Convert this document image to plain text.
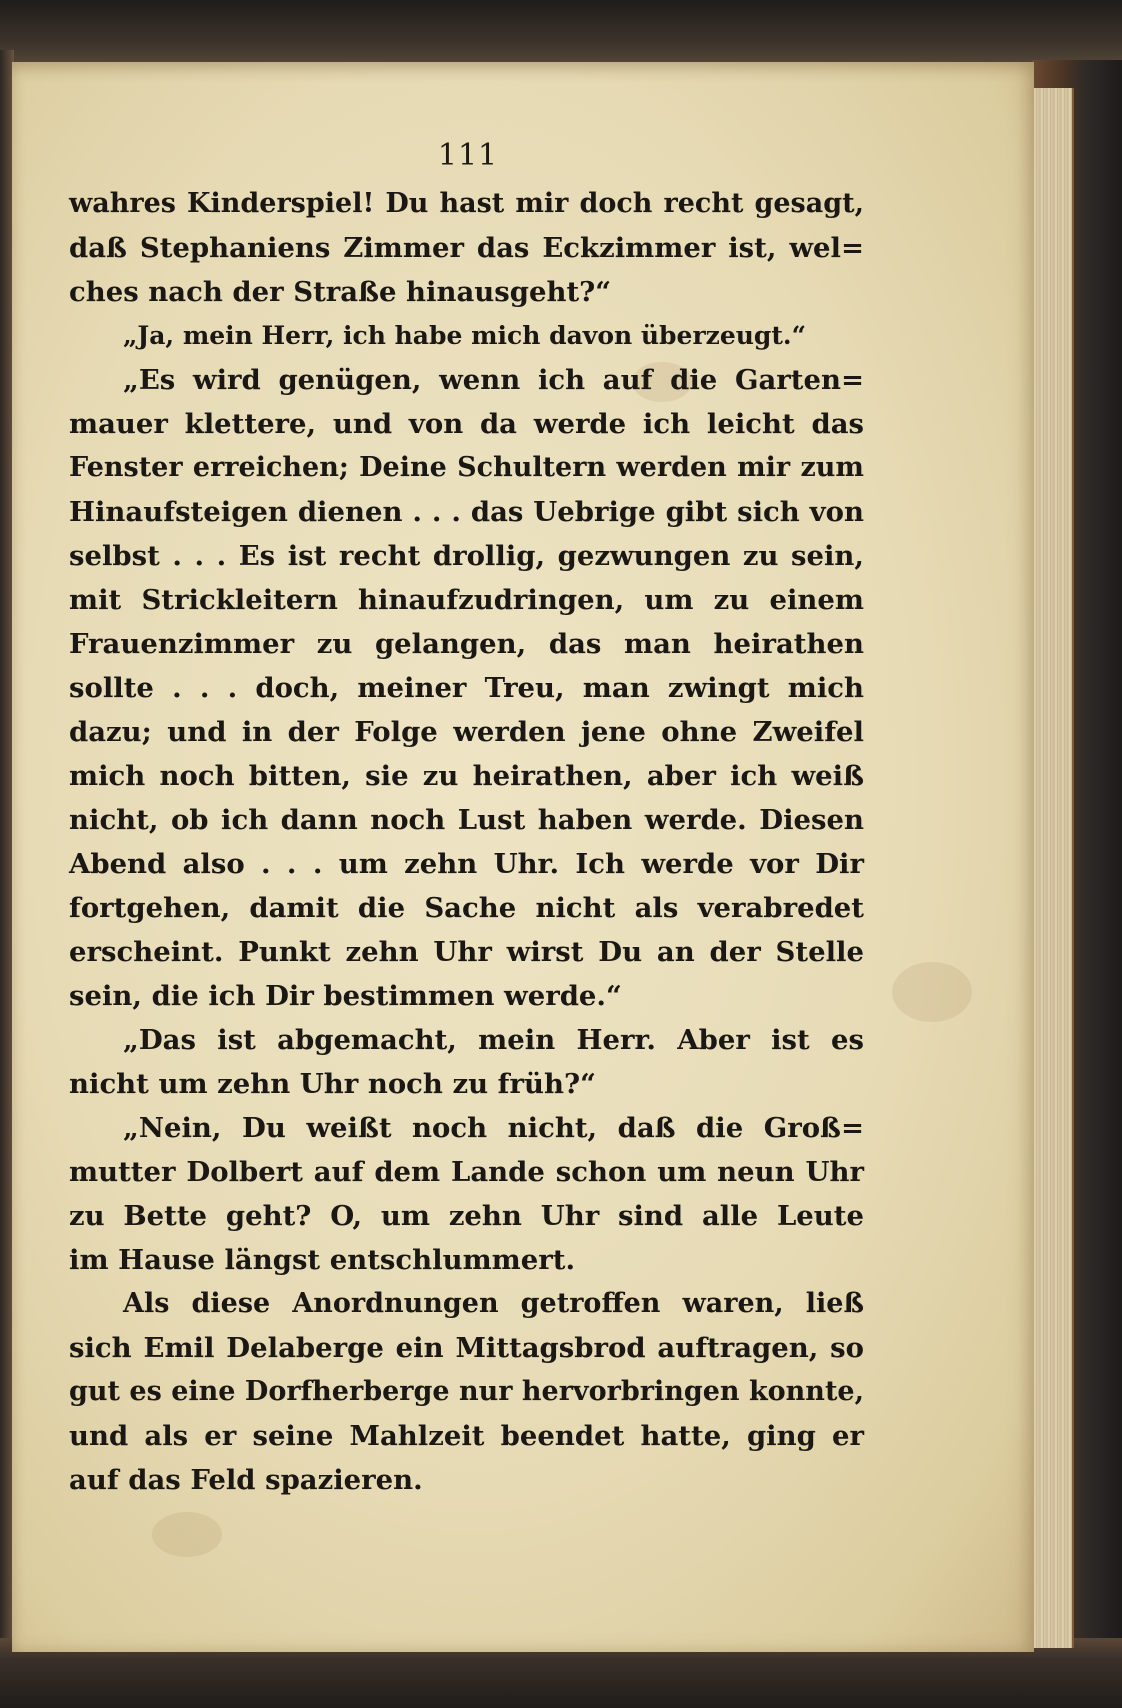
111
wahres Kinderspiel! Du hast mir doch recht gesagt,
daß Stephaniens Zimmer das Eckzimmer ist, wel=
ches nach der Straße hinausgeht?“
„Ja, mein Herr, ich habe mich davon überzeugt.“
„Es wird genügen, wenn ich auf die Garten=
mauer klettere, und von da werde ich leicht das
Fenster erreichen; Deine Schultern werden mir zum
Hinaufsteigen dienen . . . das Uebrige gibt sich von
selbst . . . Es ist recht drollig, gezwungen zu sein,
mit Strickleitern hinaufzudringen, um zu einem
Frauenzimmer zu gelangen, das man heirathen
sollte . . . doch, meiner Treu, man zwingt mich
dazu; und in der Folge werden jene ohne Zweifel
mich noch bitten, sie zu heirathen, aber ich weiß
nicht, ob ich dann noch Lust haben werde. Diesen
Abend also . . . um zehn Uhr. Ich werde vor Dir
fortgehen, damit die Sache nicht als verabredet
erscheint. Punkt zehn Uhr wirst Du an der Stelle
sein, die ich Dir bestimmen werde.“
„Das ist abgemacht, mein Herr. Aber ist es
nicht um zehn Uhr noch zu früh?“
„Nein, Du weißt noch nicht, daß die Groß=
mutter Dolbert auf dem Lande schon um neun Uhr
zu Bette geht? O, um zehn Uhr sind alle Leute
im Hause längst entschlummert.
Als diese Anordnungen getroffen waren, ließ
sich Emil Delaberge ein Mittagsbrod auftragen, so
gut es eine Dorfherberge nur hervorbringen konnte,
und als er seine Mahlzeit beendet hatte, ging er
auf das Feld spazieren.
